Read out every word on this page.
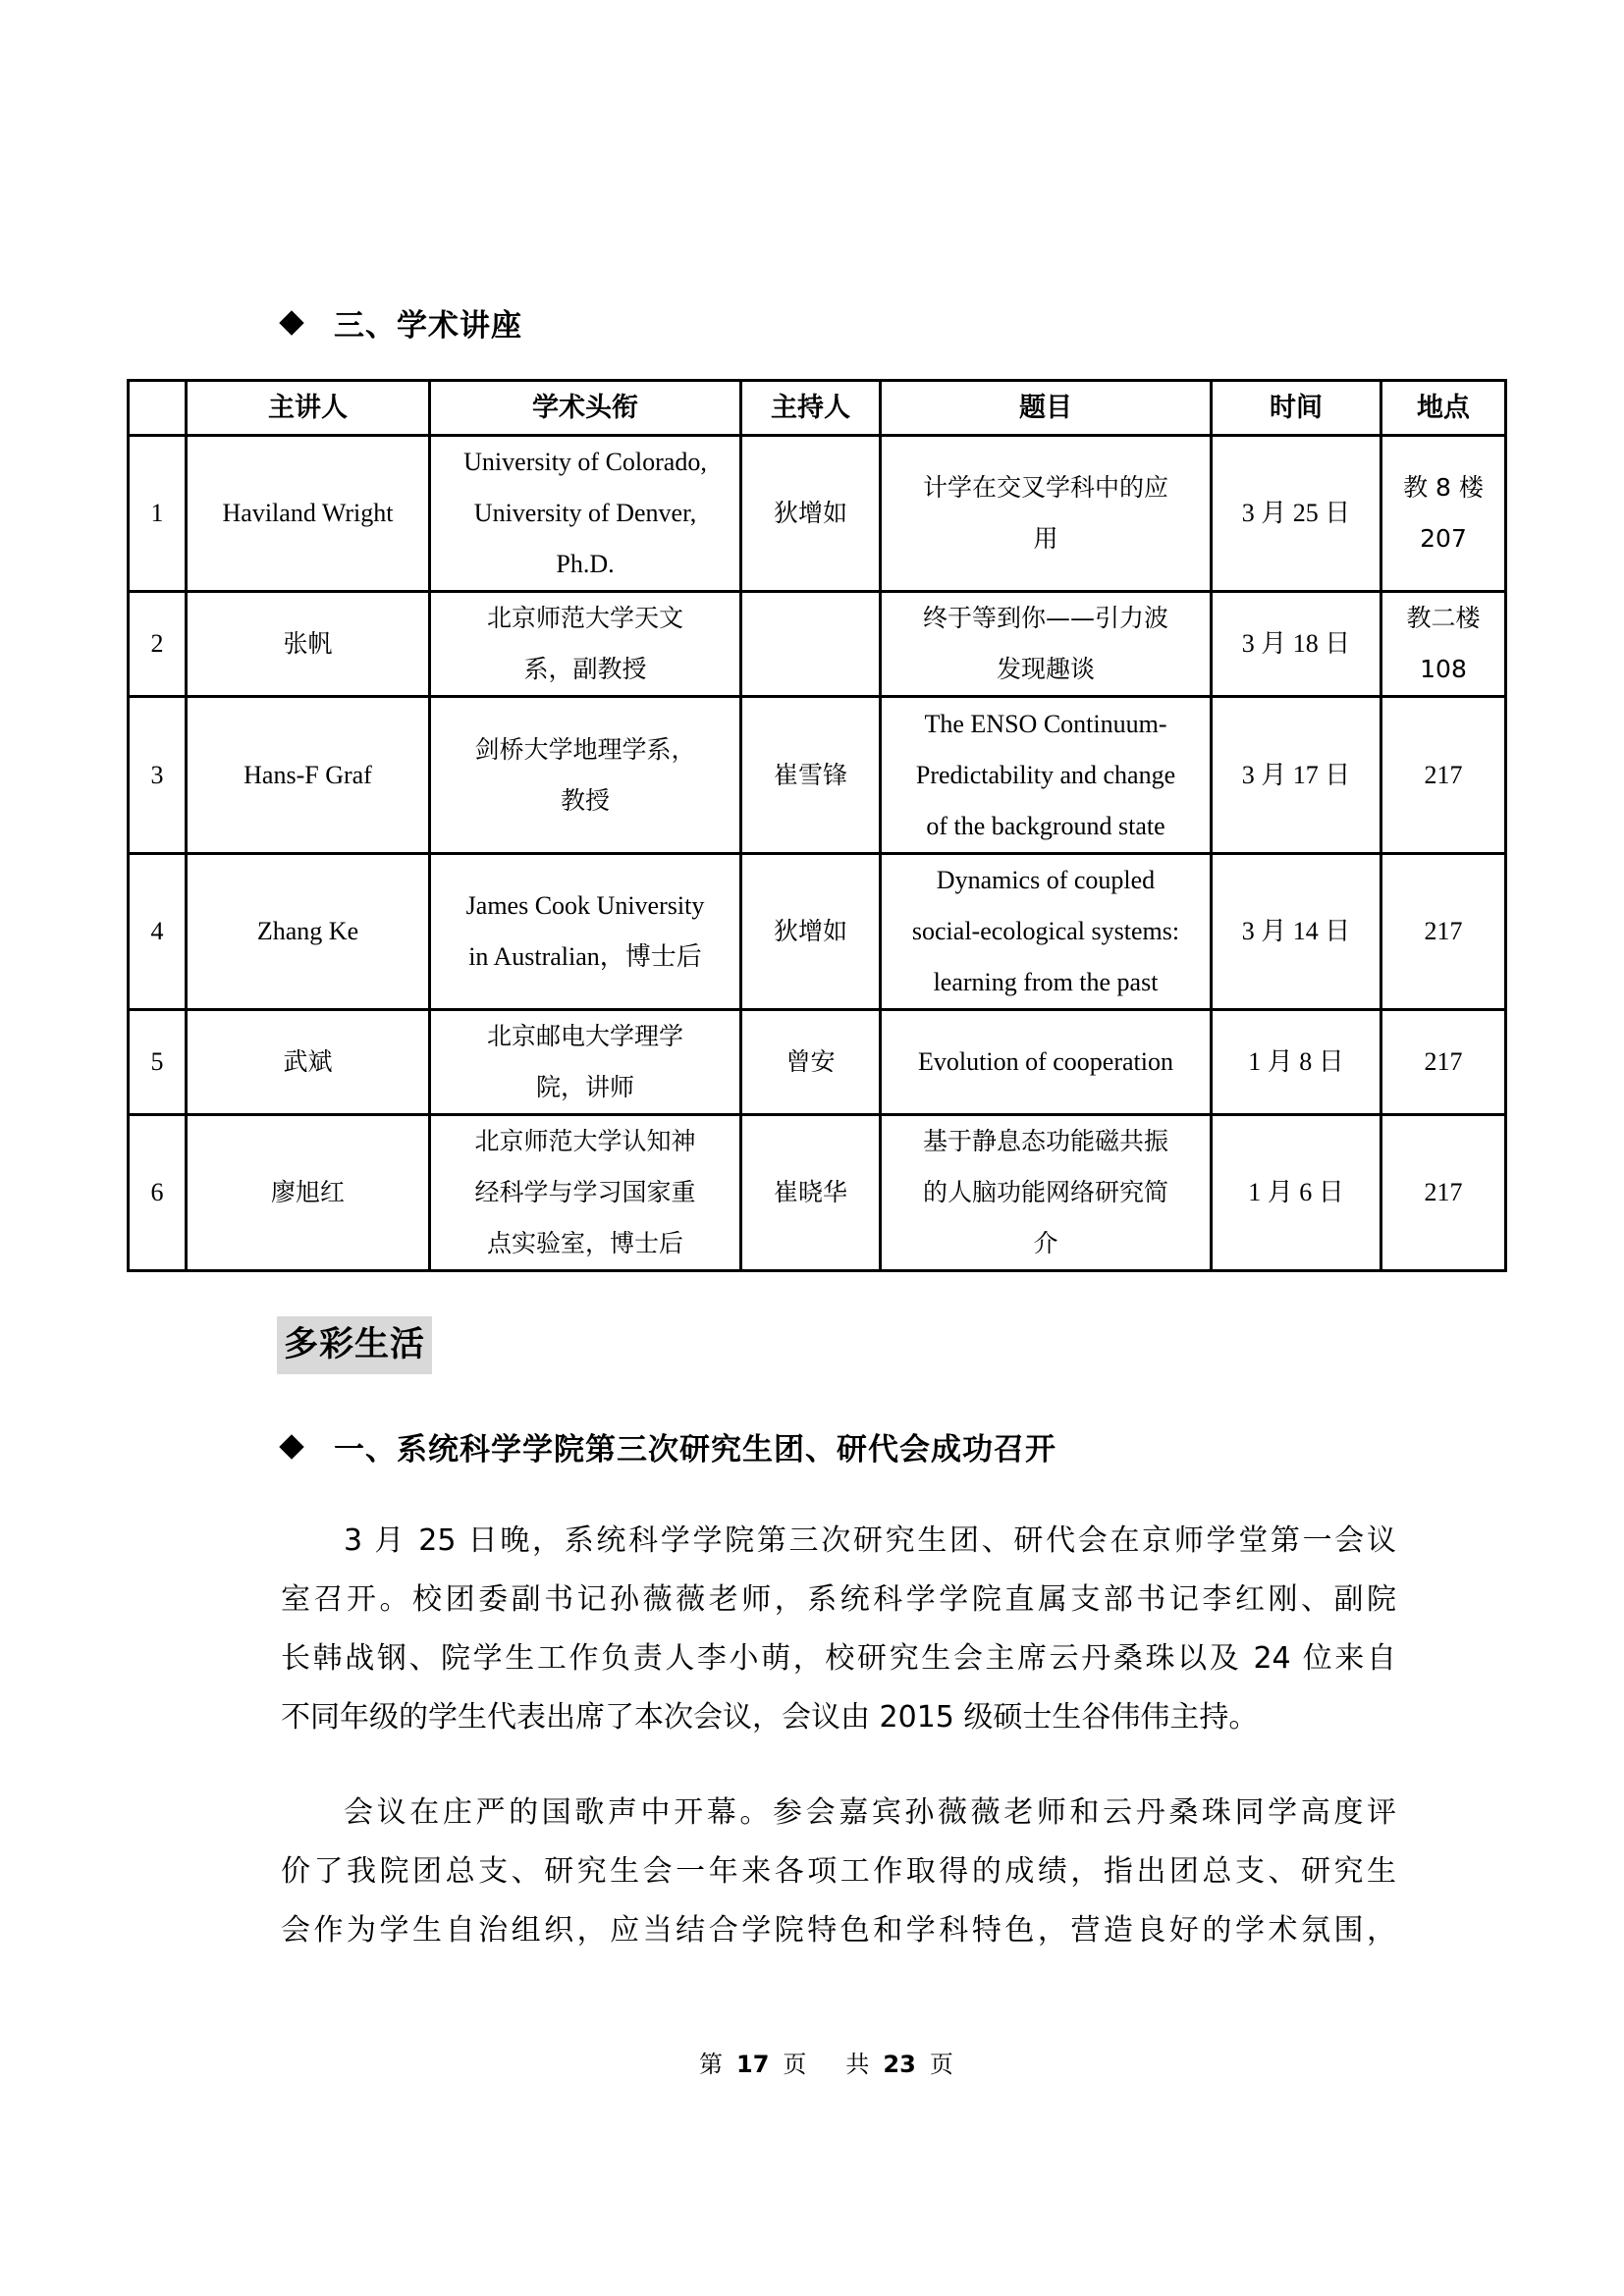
三、学术讲座
	主讲人	学术头衔	主持人	题目	时间	地点

1	Haviland Wright	University of Colorado,
University of Denver,
Ph.D.	狄增如	计学在交叉学科中的应
用	3 月 25 日	教 8 楼
207

2	张帆	北京师范大学天文
系，副教授		终于等到你——引力波
发现趣谈	3 月 18 日	教二楼
108

3	Hans-F Graf	剑桥大学地理学系，
教授	崔雪锋	The ENSO Continuum-
Predictability and change
of the background state	3 月 17 日	217

4	Zhang Ke	James Cook University
in Australian，博士后	狄增如	Dynamics of coupled
social-ecological systems:
learning from the past	3 月 14 日	217

5	武斌	北京邮电大学理学
院，讲师	曾安	Evolution of cooperation	1 月 8 日	217

6	廖旭红	北京师范大学认知神
经科学与学习国家重
点实验室，博士后	崔晓华	基于静息态功能磁共振
的人脑功能网络研究简
介	1 月 6 日	217
多彩生活
一、系统科学学院第三次研究生团、研代会成功召开
3 月 25 日晚，系统科学学院第三次研究生团、研代会在京师学堂第一会议
室召开。校团委副书记孙薇薇老师，系统科学学院直属支部书记李红刚、副院
长韩战钢、院学生工作负责人李小萌，校研究生会主席云丹桑珠以及 24 位来自
不同年级的学生代表出席了本次会议，会议由 2015 级硕士生谷伟伟主持。
会议在庄严的国歌声中开幕。参会嘉宾孙薇薇老师和云丹桑珠同学高度评
价了我院团总支、研究生会一年来各项工作取得的成绩，指出团总支、研究生
会作为学生自治组织，应当结合学院特色和学科特色，营造良好的学术氛围，
第 17 页 共 23 页
